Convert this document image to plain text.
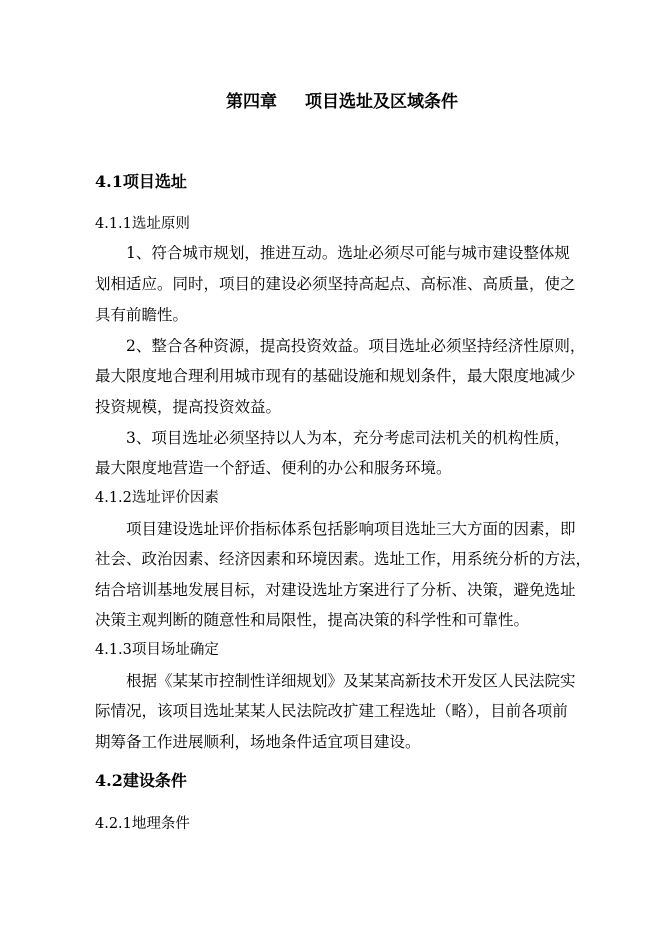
第四章 项目选址及区域条件
4.1项目选址
4.1.1选址原则
1、符合城市规划，推进互动。选址必须尽可能与城市建设整体规
划相适应。同时，项目的建设必须坚持高起点、高标准、高质量，使之
具有前瞻性。
2、整合各种资源，提高投资效益。项目选址必须坚持经济性原则，
最大限度地合理利用城市现有的基础设施和规划条件，最大限度地减少
投资规模，提高投资效益。
3、项目选址必须坚持以人为本，充分考虑司法机关的机构性质，
最大限度地营造一个舒适、便利的办公和服务环境。
4.1.2选址评价因素
项目建设选址评价指标体系包括影响项目选址三大方面的因素，即
社会、政治因素、经济因素和环境因素。选址工作，用系统分析的方法，
结合培训基地发展目标，对建设选址方案进行了分析、决策，避免选址
决策主观判断的随意性和局限性，提高决策的科学性和可靠性。
4.1.3项目场址确定
根据《某某市控制性详细规划》及某某高新技术开发区人民法院实
际情况，该项目选址某某人民法院改扩建工程选址（略），目前各项前
期筹备工作进展顺利，场地条件适宜项目建设。
4.2建设条件
4.2.1地理条件
